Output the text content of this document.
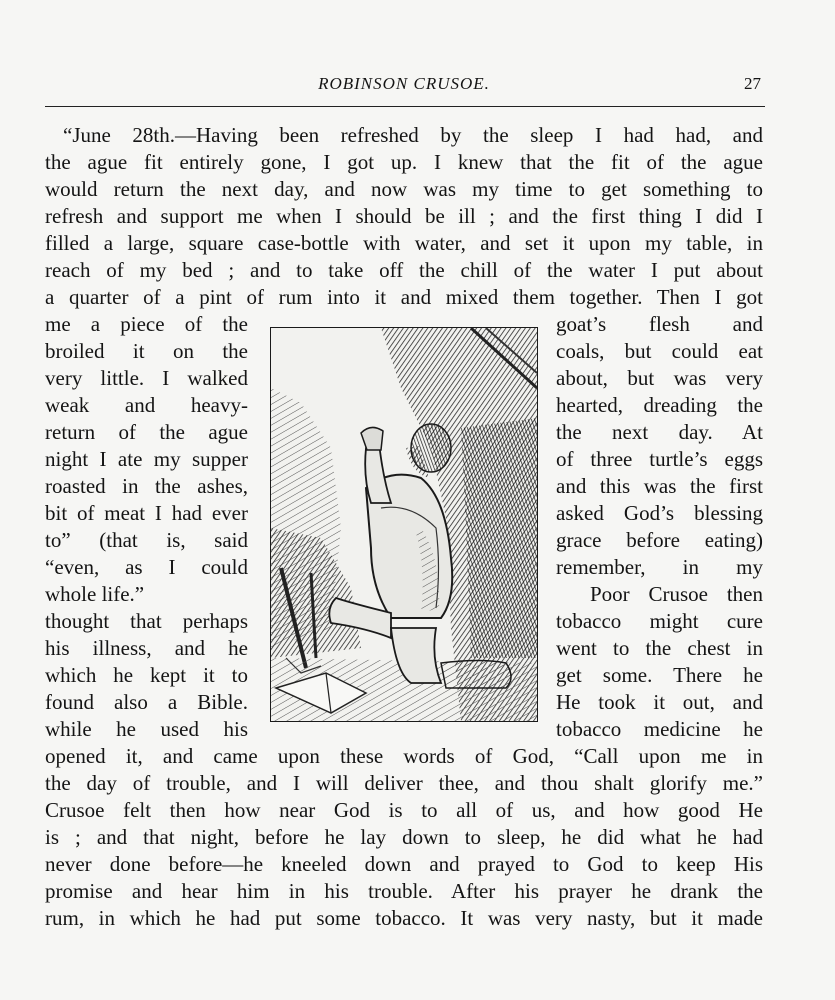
ROBINSON CRUSOE.	27
“June 28th.—Having been refreshed by the sleep I had had, and
the ague fit entirely gone, I got up. I knew that the fit of the ague
would return the next day, and now was my time to get something to
refresh and support me when I should be ill ; and the first thing I did I
filled a large, square case-bottle with water, and set it upon my table, in
reach of my bed ; and to take off the chill of the water I put about
a quarter of a pint of rum into it and mixed them together. Then I got
me a piece of the
broiled it on the
very little. I walked
weak and heavy-
return of the ague
night I ate my supper
roasted in the ashes,
bit of meat I had ever
to” (that is, said
“even, as I could
whole life.”
thought that perhaps
his illness, and he
which he kept it to
found also a Bible.
while he used his
goat’s flesh and
coals, but could eat
about, but was very
hearted, dreading the
the next day. At
of three turtle’s eggs
and this was the first
asked God’s blessing
grace before eating)
remember, in my
Poor Crusoe then
tobacco might cure
went to the chest in
get some. There he
He took it out, and
tobacco medicine he
opened it, and came upon these words of God, “Call upon me in
the day of trouble, and I will deliver thee, and thou shalt glorify me.”
Crusoe felt then how near God is to all of us, and how good He
is ; and that night, before he lay down to sleep, he did what he had
never done before—he kneeled down and prayed to God to keep His
promise and hear him in his trouble. After his prayer he drank the
rum, in which he had put some tobacco. It was very nasty, but it made
